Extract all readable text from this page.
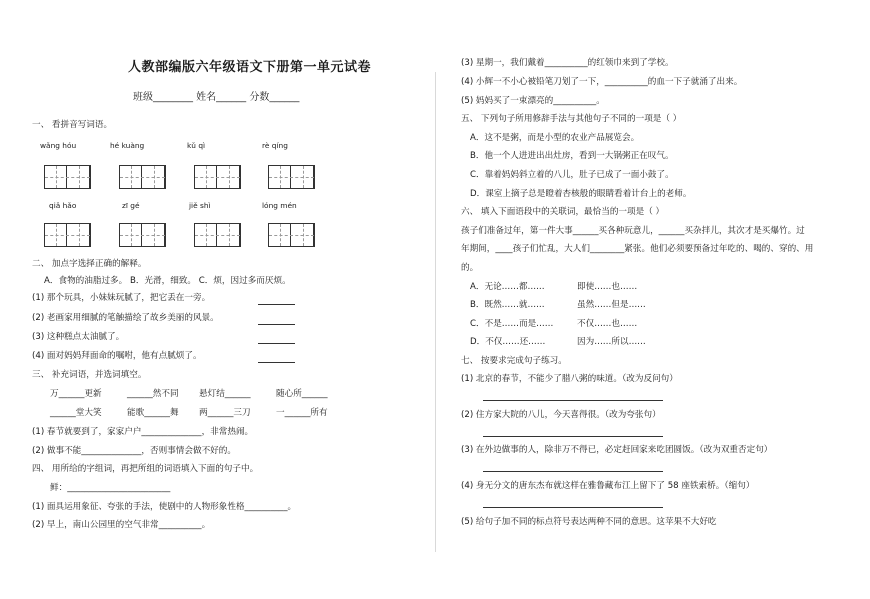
人教部编版六年级语文下册第一单元试卷
班级________ 姓名______ 分数______
一、 看拼音写词语。
wǎng hóu	hé kuàng	kǔ qì	rè qíng
qiǎ hǎo	zī gé	jiě shì	lóng mén
二、 加点字选择正确的解释。
A．食物的油脂过多。 B．光滑，细致。 C．烦，因过多而厌烦。
(1) 那个玩具，小妹妹玩腻了，把它丢在一旁。
(2) 老画家用细腻的笔触描绘了故乡美丽的风景。
(3) 这种糕点太油腻了。
(4) 面对妈妈拜面命的嘱咐，他有点腻烦了。
三、 补充词语，并选词填空。
万______更新	______然不同 悬灯结______	随心所______
______堂大笑	能歌______舞 两______三刀	一______所有
(1) 春节就要到了，家家户户______________，非常热闹。
(2) 做事不能______________，否则事情会做不好的。
四、 用所给的字组词，再把所组的词语填入下面的句子中。
鲜：________________________
(1) 面具运用象征、夸张的手法，使剧中的人物形象性格__________。
(2) 早上，南山公园里的空气非常__________。
(3) 星期一，我们戴着__________的红领巾来到了学校。
(4) 小辉一不小心被铅笔刀划了一下，__________的血一下子就涌了出来。
(5) 妈妈买了一束漂亮的__________。
五、 下列句子所用修辞手法与其他句子不同的一项是（ ）
A．这不是粥，而是小型的农业产品展览会。
B．他一个人进进出出灶房，看到一大锅粥正在叹气。
C．靠着妈妈斜立着的八儿，肚子已成了一面小鼓了。
D．课室上摘子总是瞪着杏核般的眼睛看着计台上的老师。
六、 填入下面语段中的关联词，最恰当的一项是（ ）
孩子们准备过年，第一件大事______买各种玩意儿，______买杂拌儿，其次才是买爆竹。过
年期间，____孩子们忙乱，大人们________紧张。他们必须要预备过年吃的、喝的、穿的、用
的。
A．无论……都……	即使……也……
B．既然……就……	虽然……但是……
C．不是……而是……	不仅……也……
D．不仅……还……	因为……所以……
七、 按要求完成句子练习。
(1) 北京的春节，不能少了腊八粥的味道。（改为反问句）
(2) 住方家大院的八儿，今天喜得很。（改为夸张句）
(3) 在外边做事的人，除非万不得已，必定赶回家来吃团圆饭。（改为双重否定句）
(4) 身无分文的唐东杰布就这样在雅鲁藏布江上留下了 58 座铁索桥。（缩句）
(5) 给句子加不同的标点符号表达两种不同的意思。这苹果不大好吃
